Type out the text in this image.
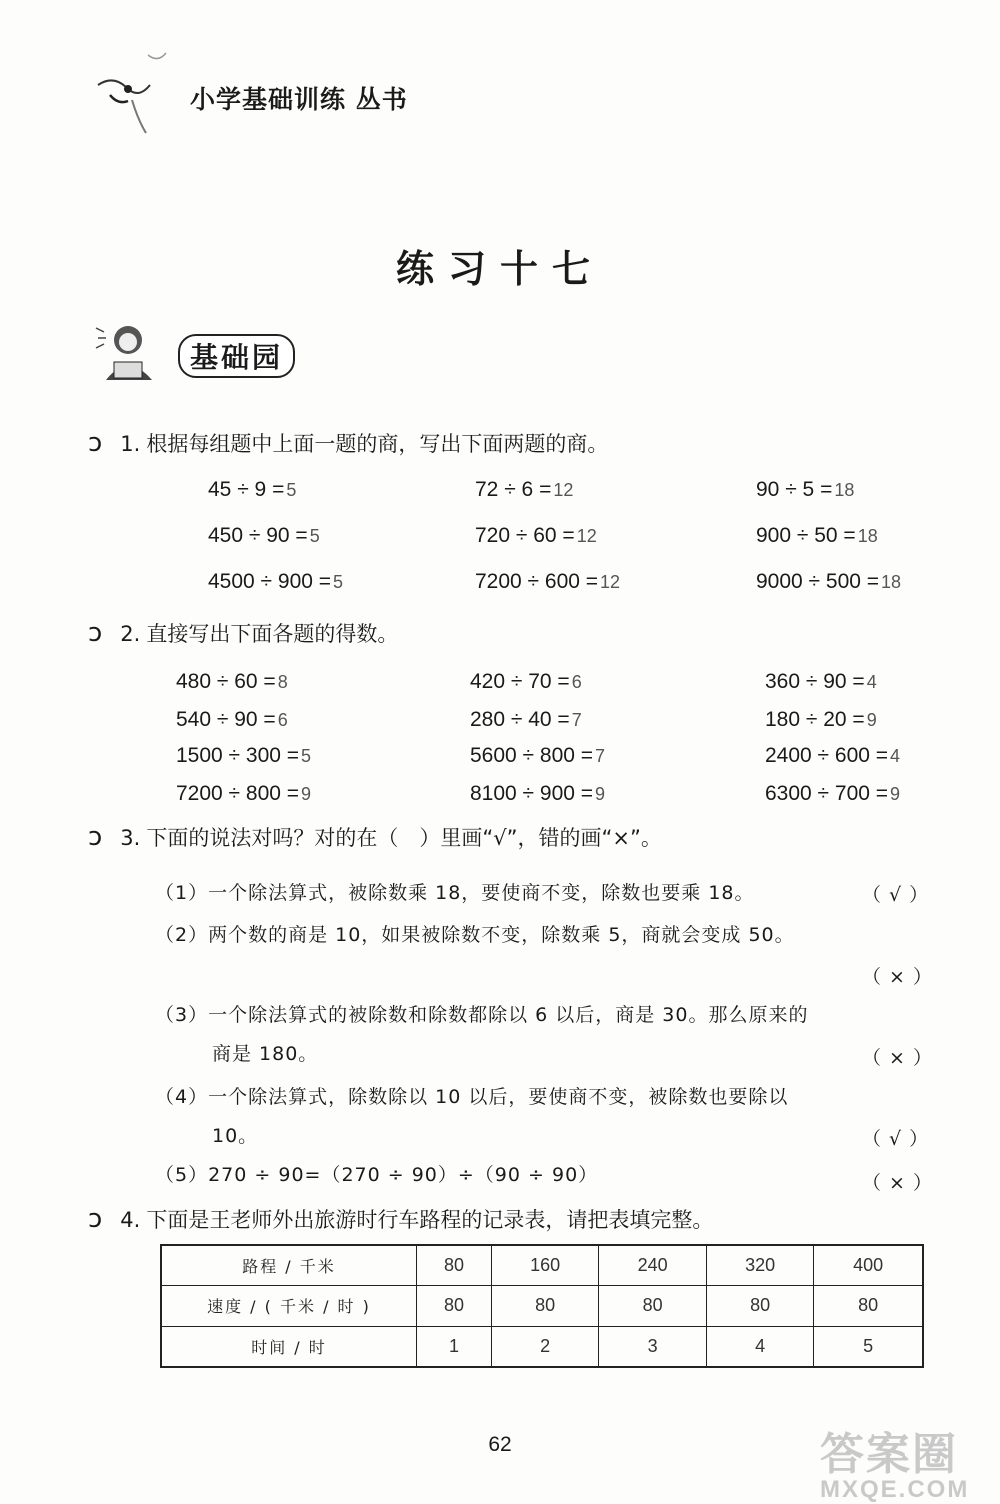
小学基础训练 丛书
练习十七
基础园
ↄ 1. 根据每组题中上面一题的商，写出下面两题的商。
45 ÷ 9 = 5	72 ÷ 6 = 12	90 ÷ 5 = 18
450 ÷ 90 = 5	720 ÷ 60 = 12	900 ÷ 50 = 18
4500 ÷ 900 = 5	7200 ÷ 600 = 12	9000 ÷ 500 = 18
ↄ 2. 直接写出下面各题的得数。
480 ÷ 60 = 8	420 ÷ 70 = 6	360 ÷ 90 = 4
540 ÷ 90 = 6	280 ÷ 40 = 7	180 ÷ 20 = 9
1500 ÷ 300 = 5	5600 ÷ 800 = 7	2400 ÷ 600 = 4
7200 ÷ 800 = 9	8100 ÷ 900 = 9	6300 ÷ 700 = 9
ↄ 3. 下面的说法对吗？对的在（　）里画“√”，错的画“×”。
（1）一个除法算式，被除数乘 18，要使商不变，除数也要乘 18。	（ √ ）
（2）两个数的商是 10，如果被除数不变，除数乘 5，商就会变成 50。
（ × ）
（3）一个除法算式的被除数和除数都除以 6 以后，商是 30。那么原来的
商是 180。	（ × ）
（4）一个除法算式，除数除以 10 以后，要使商不变，被除数也要除以
10。	（ √ ）
（5）270 ÷ 90=（270 ÷ 90）÷（90 ÷ 90）	（ × ）
ↄ 4. 下面是王老师外出旅游时行车路程的记录表，请把表填完整。
路程 / 千米	80	160	240	320	400
速度 / ( 千米 / 时 )	80	80	80	80	80
时间 / 时	1	2	3	4	5
62	答案圈
MXQE.COM
